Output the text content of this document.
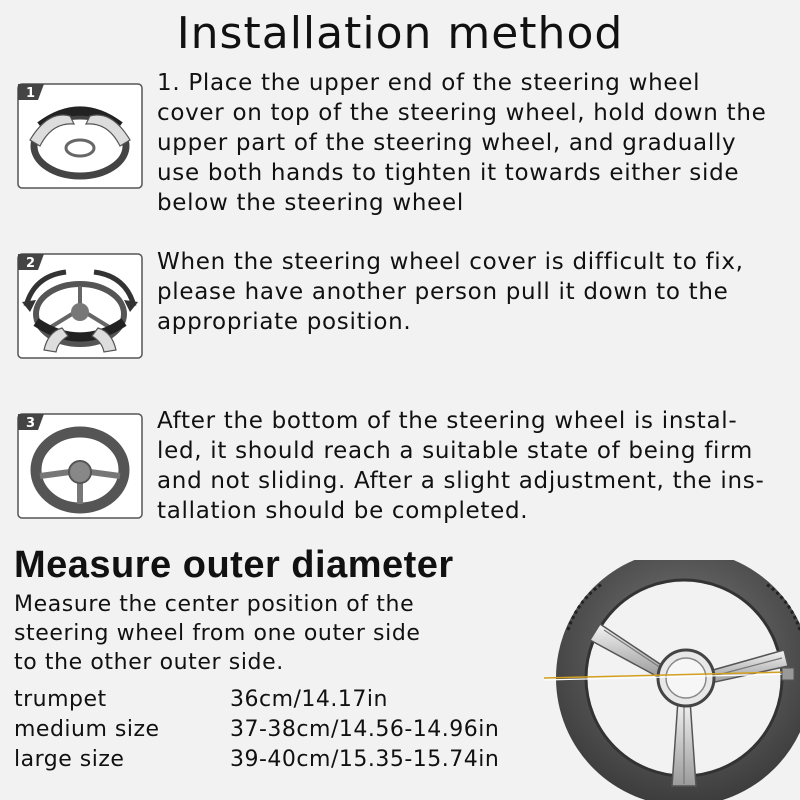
Installation method
1	1. Place the upper end of the steering wheel
cover on top of the steering wheel, hold down the
upper part of the steering wheel, and gradually
use both hands to tighten it towards either side
below the steering wheel
2	When the steering wheel cover is difficult to fix,
please have another person pull it down to the
appropriate position.
3	After the bottom of the steering wheel is instal-
led, it should reach a suitable state of being firm
and not sliding. After a slight adjustment, the ins-
tallation should be completed.
Measure outer diameter
Measure the center position of the
steering wheel from one outer side
to the other outer side.
trumpet	36cm/14.17in
medium size	37-38cm/14.56-14.96in
large size	39-40cm/15.35-15.74in
